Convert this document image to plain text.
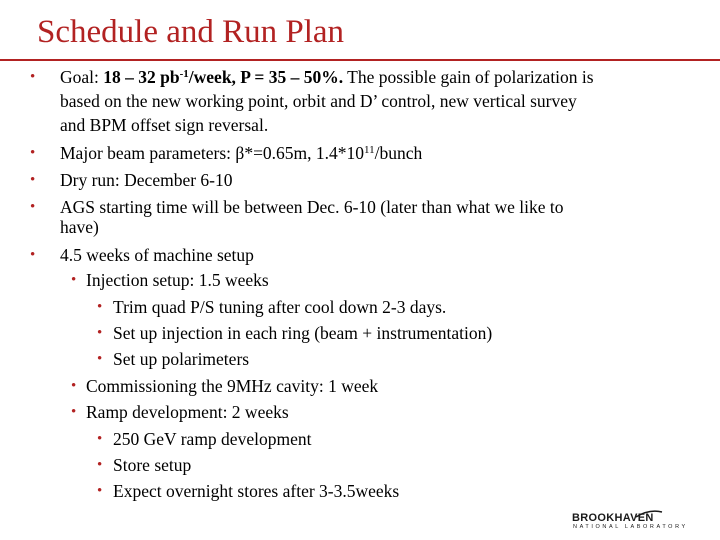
Schedule and Run Plan
• Goal: 18 – 32 $pb^{-1}$/week, P = 35 – 50%. The possible gain of polarization is
based on the new working point, orbit and D’ control, new vertical survey
and BPM offset sign reversal.
• Major beam parameters: β*=0.65m, $1.4*10^{11}$/bunch
• Dry run: December 6-10
• AGS starting time will be between Dec. 6-10 (later than what we like to
have)
• 4.5 weeks of machine setup
• Injection setup: 1.5 weeks
• Trim quad P/S tuning after cool down 2-3 days.
• Set up injection in each ring (beam + instrumentation)
• Set up polarimeters
• Commissioning the 9MHz cavity: 1 week
• Ramp development: 2 weeks
• 250 GeV ramp development
• Store setup
• Expect overnight stores after 3-3.5weeks
BROOKHAVEN
NATIONAL LABORATORY
